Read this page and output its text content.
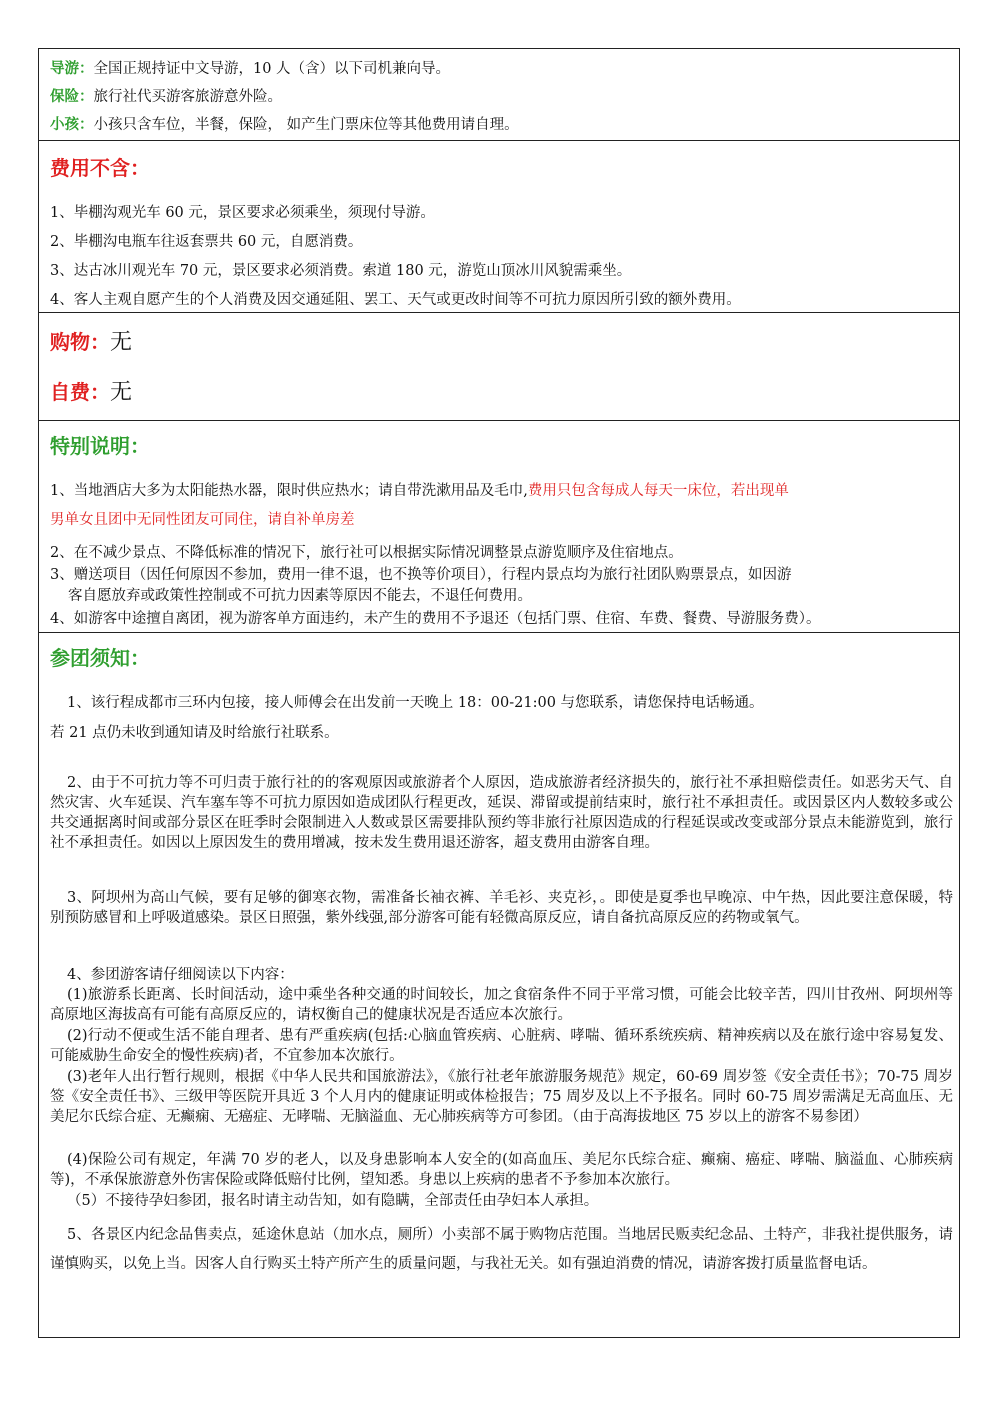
导游：全国正规持证中文导游，10 人（含）以下司机兼向导。
保险：旅行社代买游客旅游意外险。
小孩：小孩只含车位，半餐，保险， 如产生门票床位等其他费用请自理。
费用不含：
1、毕棚沟观光车 60 元，景区要求必须乘坐，须现付导游。
2、毕棚沟电瓶车往返套票共 60 元，自愿消费。
3、达古冰川观光车 70 元，景区要求必须消费。索道 180 元，游览山顶冰川风貌需乘坐。
4、客人主观自愿产生的个人消费及因交通延阻、罢工、天气或更改时间等不可抗力原因所引致的额外费用。
购物：无
自费：无
特别说明：
1、当地酒店大多为太阳能热水器，限时供应热水；请自带洗漱用品及毛巾,费用只包含每成人每天一床位，若出现单
男单女且团中无同性团友可同住，请自补单房差
2、在不减少景点、不降低标准的情况下，旅行社可以根据实际情况调整景点游览顺序及住宿地点。
3、赠送项目（因任何原因不参加，费用一律不退，也不换等价项目），行程内景点均为旅行社团队购票景点，如因游
客自愿放弃或政策性控制或不可抗力因素等原因不能去，不退任何费用。
4、如游客中途擅自离团，视为游客单方面违约，未产生的费用不予退还（包括门票、住宿、车费、餐费、导游服务费）。
参团须知：
1、该行程成都市三环内包接，接人师傅会在出发前一天晚上 18：00-21:00 与您联系，请您保持电话畅通。
若 21 点仍未收到通知请及时给旅行社联系。
2、由于不可抗力等不可归责于旅行社的的客观原因或旅游者个人原因，造成旅游者经济损失的，旅行社不承担赔偿责任。如恶劣天气、自然灾害、火车延误、汽车塞车等不可抗力原因如造成团队行程更改，延误、滞留或提前结束时，旅行社不承担责任。或因景区内人数较多或公共交通据离时间或部分景区在旺季时会限制进入人数或景区需要排队预约等非旅行社原因造成的行程延误或改变或部分景点未能游览到，旅行社不承担责任。如因以上原因发生的费用增减，按未发生费用退还游客，超支费用由游客自理。
3、阿坝州为高山气候，要有足够的御寒衣物，需准备长袖衣裤、羊毛衫、夹克衫，。即使是夏季也早晚凉、中午热，因此要注意保暖，特别预防感冒和上呼吸道感染。景区日照强，紫外线强,部分游客可能有轻微高原反应，请自备抗高原反应的药物或氧气。
4、参团游客请仔细阅读以下内容：
(1)旅游系长距离、长时间活动，途中乘坐各种交通的时间较长，加之食宿条件不同于平常习惯，可能会比较辛苦，四川甘孜州、阿坝州等高原地区海拔高有可能有高原反应的，请权衡自己的健康状况是否适应本次旅行。
(2)行动不便或生活不能自理者、患有严重疾病(包括:心脑血管疾病、心脏病、哮喘、循环系统疾病、精神疾病以及在旅行途中容易复发、可能威胁生命安全的慢性疾病)者，不宜参加本次旅行。
(3)老年人出行暂行规则，根据《中华人民共和国旅游法》，《旅行社老年旅游服务规范》规定，60-69 周岁签《安全责任书》；70-75 周岁签《安全责任书》、三级甲等医院开具近 3 个人月内的健康证明或体检报告；75 周岁及以上不予报名。同时 60-75 周岁需满足无高血压、无美尼尔氏综合症、无癫痫、无癌症、无哮喘、无脑溢血、无心肺疾病等方可参团。（由于高海拔地区 75 岁以上的游客不易参团）
(4)保险公司有规定，年满 70 岁的老人，以及身患影响本人安全的(如高血压、美尼尔氏综合症、癫痫、癌症、哮喘、脑溢血、心肺疾病等)，不承保旅游意外伤害保险或降低赔付比例，望知悉。身患以上疾病的患者不予参加本次旅行。
（5）不接待孕妇参团，报名时请主动告知，如有隐瞒，全部责任由孕妇本人承担。
5、各景区内纪念品售卖点，延途休息站（加水点，厕所）小卖部不属于购物店范围。当地居民贩卖纪念品、土特产，非我社提供服务，请谨慎购买，以免上当。因客人自行购买土特产所产生的质量问题，与我社无关。如有强迫消费的情况，请游客拨打质量监督电话。
